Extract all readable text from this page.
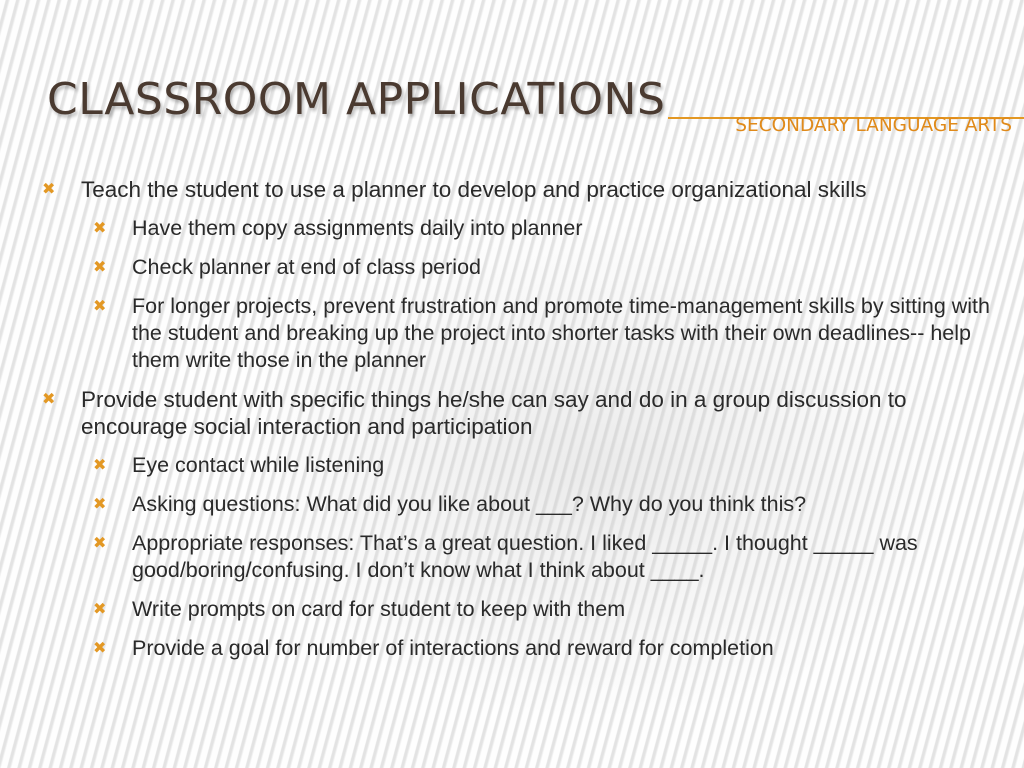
CLASSROOM APPLICATIONS
SECONDARY LANGUAGE ARTS
✖ Teach the student to use a planner to develop and practice organizational skills
✖ Have them copy assignments daily into planner
✖ Check planner at end of class period
✖ For longer projects, prevent frustration and promote time-management skills by sitting with the student and breaking up the project into shorter tasks with their own deadlines-- help them write those in the planner
✖ Provide student with specific things he/she can say and do in a group discussion to encourage social interaction and participation
✖ Eye contact while listening
✖ Asking questions: What did you like about ___? Why do you think this?
✖ Appropriate responses: That’s a great question. I liked _____. I thought _____ was good/boring/confusing. I don’t know what I think about ____.
✖ Write prompts on card for student to keep with them
✖ Provide a goal for number of interactions and reward for completion
